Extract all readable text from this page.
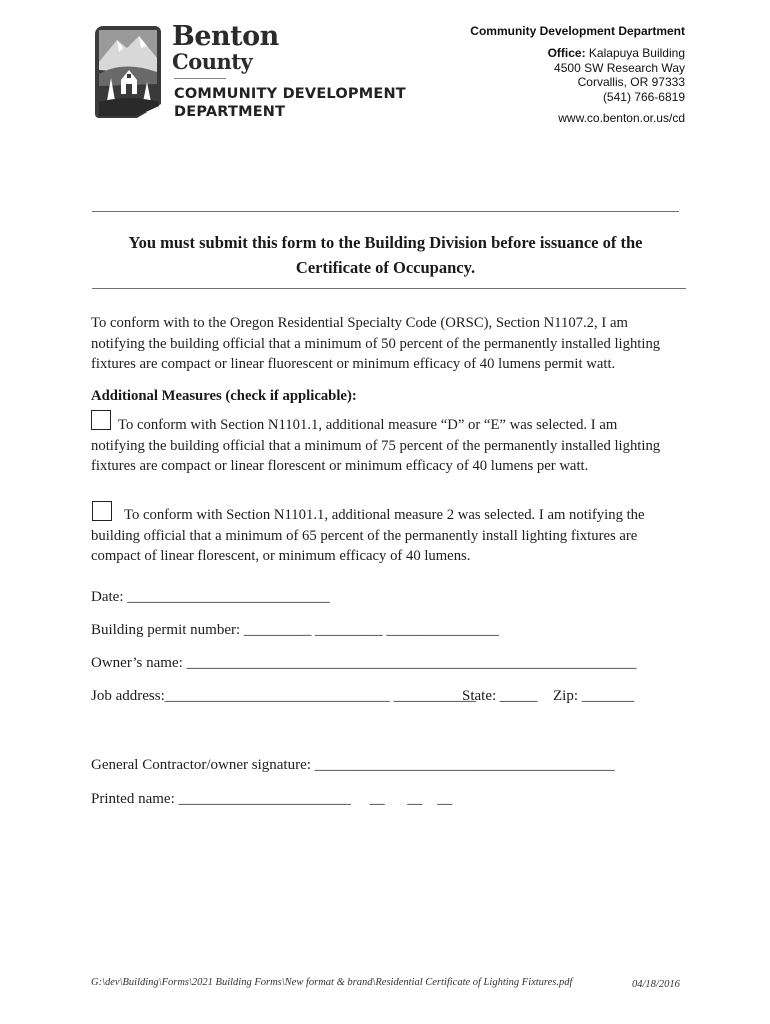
Benton
County
COMMUNITY DEVELOPMENT
DEPARTMENT
Community Development Department
Office: Kalapuya Building
4500 SW Research Way
Corvallis, OR 97333
(541) 766-6819
www.co.benton.or.us/cd
You must submit this form to the Building Division before issuance of the
Certificate of Occupancy.
To conform with to the Oregon Residential Specialty Code (ORSC), Section N1107.2, I am
notifying the building official that a minimum of 50 percent of the permanently installed lighting
fixtures are compact or linear fluorescent or minimum efficacy of 40 lumens permit watt.
Additional Measures (check if applicable):
To conform with Section N1101.1, additional measure “D” or “E” was selected. I am
notifying the building official that a minimum of 75 percent of the permanently installed lighting
fixtures are compact or linear florescent or minimum efficacy of 40 lumens per watt.
To conform with Section N1101.1, additional measure 2 was selected. I am notifying the
building official that a minimum of 65 percent of the permanently install lighting fixtures are
compact of linear florescent, or minimum efficacy of 40 lumens.
Date: ___________________________
Building permit number: _________ _________ _______________
Owner’s name: ____________________________________________________________
Job address:______________________________ ___________
State: _____ Zip: _______
General Contractor/owner signature: ________________________________________
Printed name: _______________________     __      __    __
G:\dev\Building\Forms\2021 Building Forms\New format & brand\Residential Certificate of Lighting Fixtures.pdf	04/18/2016
